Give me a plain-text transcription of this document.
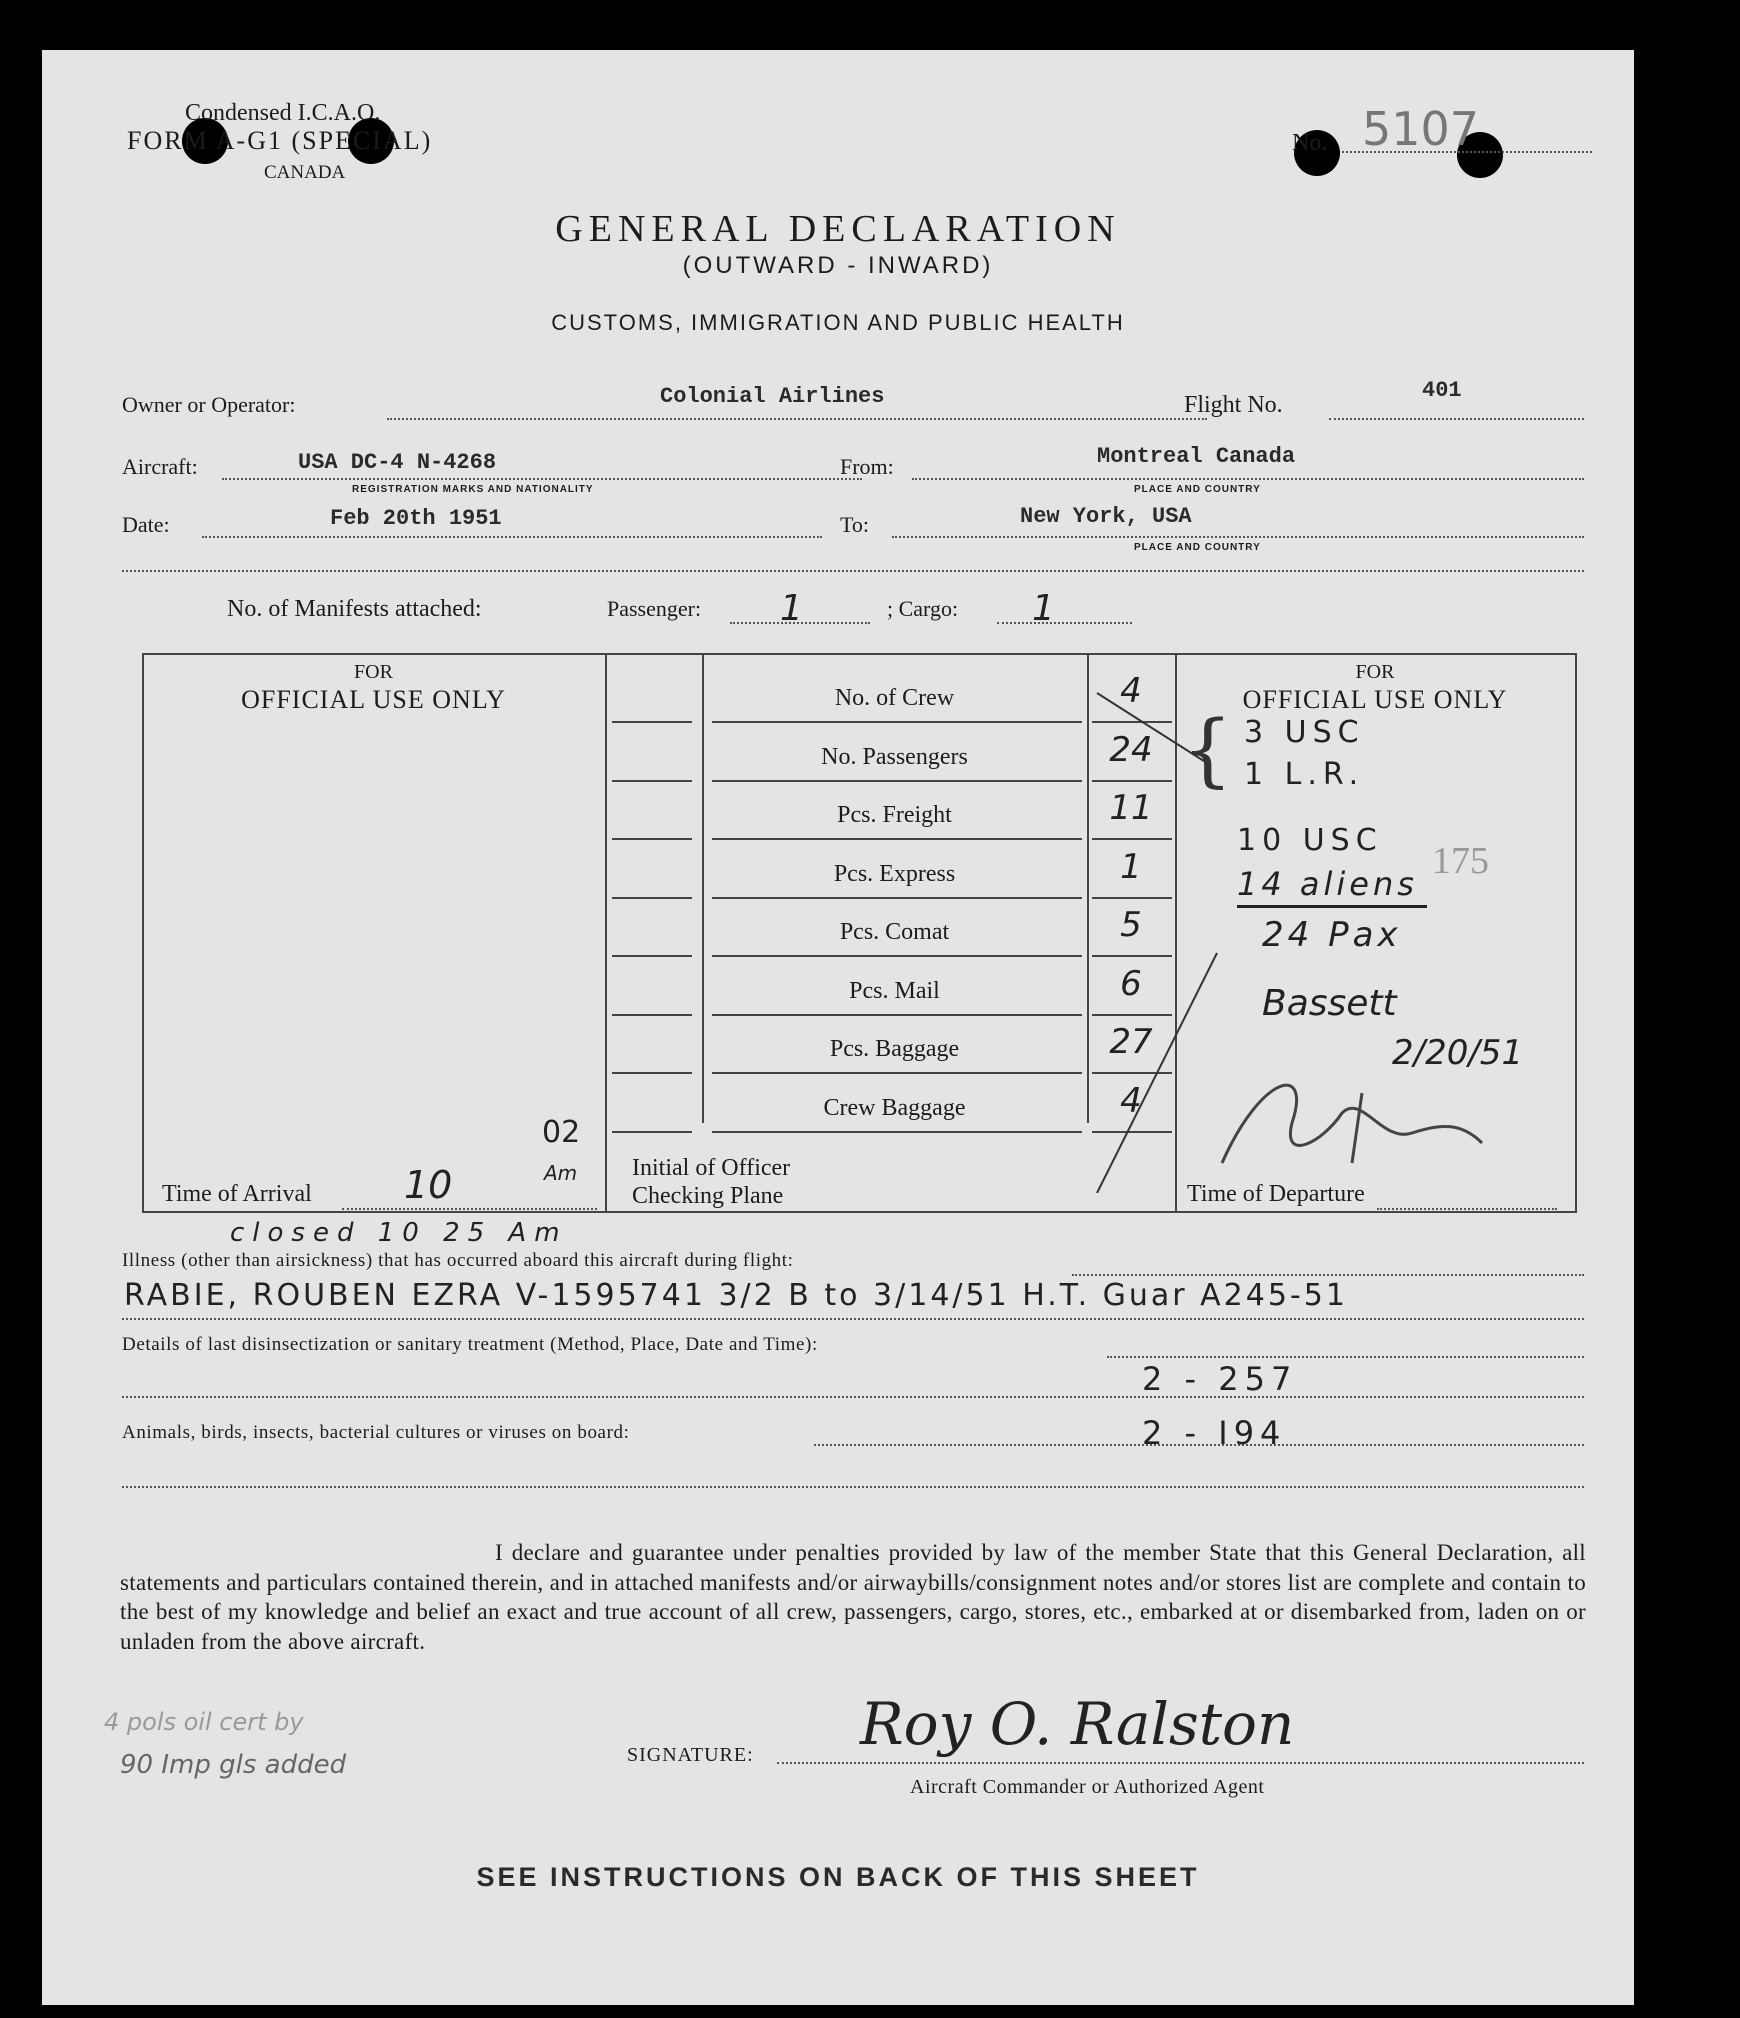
Condensed I.C.A.O.
FORM A-G1 (SPECIAL)
CANADA
No. 5107
GENERAL DECLARATION
(OUTWARD - INWARD)
CUSTOMS, IMMIGRATION AND PUBLIC HEALTH
Owner or Operator:	Colonial Airlines	Flight No.
401
Aircraft:	USA DC-4 N-4268
REGISTRATION MARKS AND NATIONALITY
From:	Montreal Canada
PLACE AND COUNTRY
Date:	Feb 20th 1951	To:	New York, USA
PLACE AND COUNTRY
No. of Manifests attached:	Passenger: 1	; Cargo: 1
FOR
OFFICIAL USE ONLY
FOR
OFFICIAL USE ONLY
No. of Crew	4
No. Passengers	24
Pcs. Freight	11
Pcs. Express	1
Pcs. Comat	5
Pcs. Mail	6
Pcs. Baggage	27
Crew Baggage	4
Time of Arrival 10
02
Am Initial of Officer
Checking Plane	Time of Departure
{ 3 USC
1 L.R.
10 USC
14 aliens
175
24 Pax
Bassett
2/20/51
closed 10 25 Am
Illness (other than airsickness) that has occurred aboard this aircraft during flight:
RABIE, ROUBEN EZRA V-1595741 3/2 B to 3/14/51 H.T. Guar A245-51
Details of last disinsectization or sanitary treatment (Method, Place, Date and Time):
2 - 257
Animals, birds, insects, bacterial cultures or viruses on board:	2 - I94
I declare and guarantee under penalties provided by law of the member State that this General Declaration, all statements and particulars contained therein, and in attached manifests and/or airwaybills/consignment notes and/or stores list are complete and contain to the best of my knowledge and belief an exact and true account of all crew, passengers, cargo, stores, etc., embarked at or disembarked from, laden on or unladen from the above aircraft.
4 pols oil cert by
90 Imp gls added	SIGNATURE: Roy O. Ralston
Aircraft Commander or Authorized Agent
SEE INSTRUCTIONS ON BACK OF THIS SHEET
